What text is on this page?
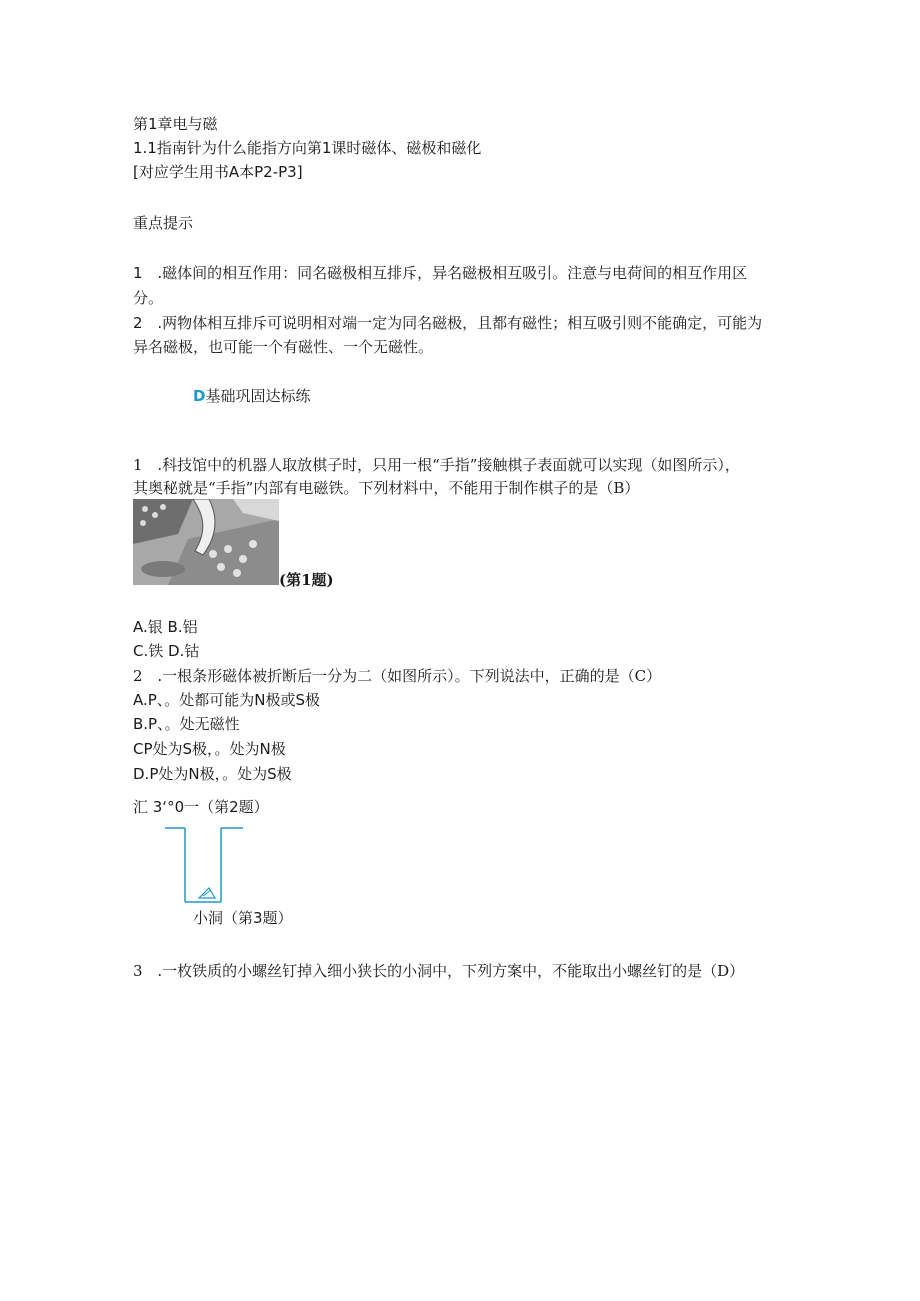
第1章电与磁
1.1指南针为什么能指方向第1课时磁体、磁极和磁化
[对应学生用书A本P2-P3]
重点提示
1 .磁体间的相互作用：同名磁极相互排斥，异名磁极相互吸引。注意与电荷间的相互作用区
分。
2 .两物体相互排斥可说明相对端一定为同名磁极，且都有磁性；相互吸引则不能确定，可能为
异名磁极，也可能一个有磁性、一个无磁性。
D基础巩固达标练
1 .科技馆中的机器人取放棋子时，只用一根“手指”接触棋子表面就可以实现（如图所示），
其奥秘就是“手指”内部有电磁铁。下列材料中，不能用于制作棋子的是（B）
(第1题)
A.银 B.铝
C.铁 D.钴
2 .一根条形磁体被折断后一分为二（如图所示）。下列说法中，正确的是（C）
A.P、。处都可能为N极或S极
B.P、。处无磁性
CP处为S极，。处为N极
D.P处为N极，。处为S极
汇 3‘°0一（第2题）
小洞（第3题）
3 .一枚铁质的小螺丝钉掉入细小狭长的小洞中，下列方案中，不能取出小螺丝钉的是（D）
